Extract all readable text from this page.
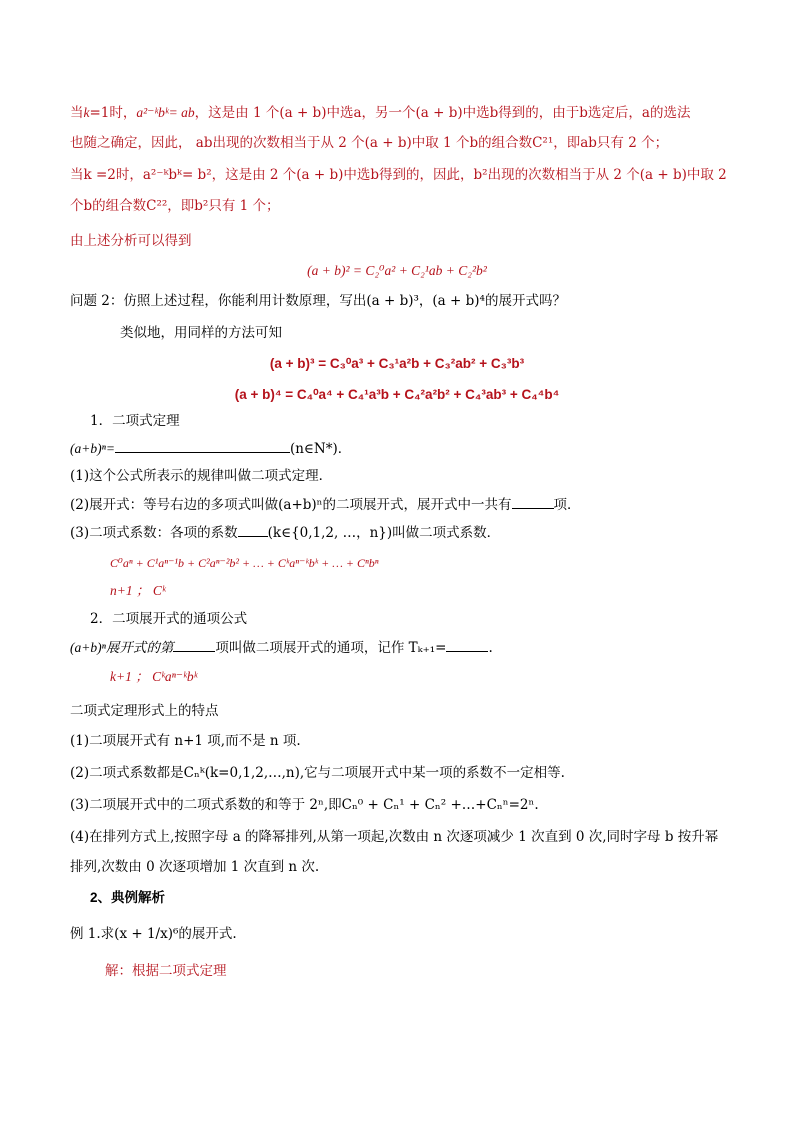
当k=1时，a²⁻ᵏbᵏ= ab，这是由 1 个(a + b)中选a，另一个(a + b)中选b得到的，由于b选定后，a的选法
也随之确定，因此， ab出现的次数相当于从 2 个(a + b)中取 1 个b的组合数C²¹，即ab只有 2 个；
当k =2时，a²⁻ᵏbᵏ= b²，这是由 2 个(a + b)中选b得到的，因此，b²出现的次数相当于从 2 个(a + b)中取 2
个b的组合数C²²，即b²只有 1 个；
由上述分析可以得到
(a + b)² = C₂⁰a² + C₂¹ab + C₂²b²
问题 2：仿照上述过程，你能利用计数原理，写出(a + b)³，(a + b)⁴的展开式吗？
类似地，用同样的方法可知
(a + b)³ = C₃⁰a³ + C₃¹a²b + C₃²ab² + C₃³b³
(a + b)⁴ = C₄⁰a⁴ + C₄¹a³b + C₄²a²b² + C₄³ab³ + C₄⁴b⁴
1．二项式定理
(a+b)ⁿ=	(n∈N*)．
(1)这个公式所表示的规律叫做二项式定理．
(2)展开式：等号右边的多项式叫做(a+b)ⁿ的二项展开式，展开式中一共有	项．
(3)二项式系数：各项的系数 (k∈{0,1,2, …，n})叫做二项式系数．
C⁰aⁿ + C¹aⁿ⁻¹b + C²aⁿ⁻²b² + … + Cᵏaⁿ⁻ᵏbᵏ + … + Cⁿbⁿ
n+1 ； Cᵏ
2．二项展开式的通项公式
(a+b)ⁿ展开式的第	项叫做二项展开式的通项，记作 Tₖ₊₁=	.
k+1 ； Cᵏaⁿ⁻ᵏbᵏ
二项式定理形式上的特点
(1)二项展开式有 n+1 项,而不是 n 项.
(2)二项式系数都是Cₙᵏ(k=0,1,2,…,n),它与二项展开式中某一项的系数不一定相等.
(3)二项展开式中的二项式系数的和等于 2ⁿ,即Cₙ⁰ + Cₙ¹ + Cₙ² +…+Cₙⁿ=2ⁿ.
(4)在排列方式上,按照字母 a 的降幂排列,从第一项起,次数由 n 次逐项减少 1 次直到 0 次,同时字母 b 按升幂
排列,次数由 0 次逐项增加 1 次直到 n 次.
2、典例解析
例 1.求(x + 1/x)⁶的展开式.
解：根据二项式定理
